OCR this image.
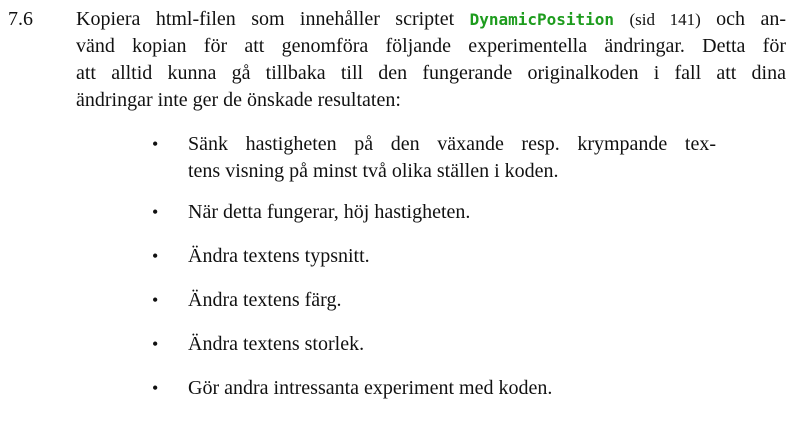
7.6 Kopiera html-filen som innehåller scriptet DynamicPosition (sid 141) och an-
vänd kopian för att genomföra följande experimentella ändringar. Detta för
att alltid kunna gå tillbaka till den fungerande originalkoden i fall att dina
ändringar inte ger de önskade resultaten:
• Sänk hastigheten på den växande resp. krympande tex-
tens visning på minst två olika ställen i koden.
• När detta fungerar, höj hastigheten.
• Ändra textens typsnitt.
• Ändra textens färg.
• Ändra textens storlek.
• Gör andra intressanta experiment med koden.
